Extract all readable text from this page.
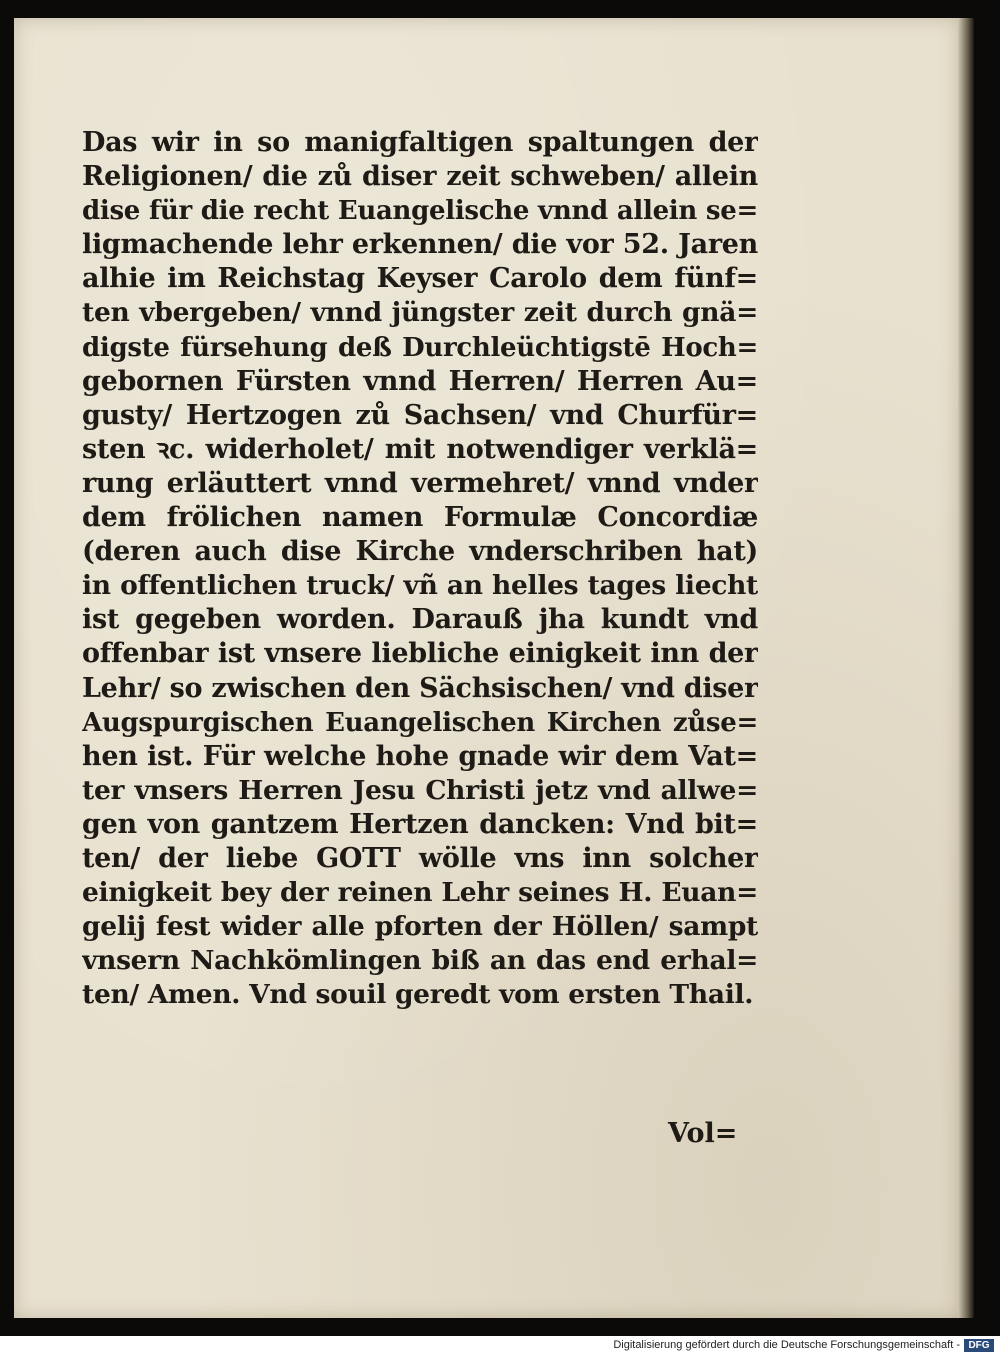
Das wir in so manigfaltigen spaltungen der
Religionen/ die zů diser zeit schweben/ allein
dise für die recht Euangelische vnnd allein se=
ligmachende lehr erkennen/ die vor 52. Jaren
alhie im Reichstag Keyser Carolo dem fünf=
ten vbergeben/ vnnd jüngster zeit durch gnä=
digste fürsehung deß Durchleüchtigstē Hoch=
gebornen Fürsten vnnd Herren/ Herren Au=
gusty/ Hertzogen zů Sachsen/ vnd Churfür=
sten ꝛc. widerholet/ mit notwendiger verklä=
rung erläuttert vnnd vermehret/ vnnd vnder
dem frölichen namen Formulæ Concordiæ
(deren auch dise Kirche vnderschriben hat)
in offentlichen truck/ vñ an helles tages liecht
ist gegeben worden. Darauß jha kundt vnd
offenbar ist vnsere liebliche einigkeit inn der
Lehr/ so zwischen den Sächsischen/ vnd diser
Augspurgischen Euangelischen Kirchen zůse=
hen ist. Für welche hohe gnade wir dem Vat=
ter vnsers Herren Jesu Christi jetz vnd allwe=
gen von gantzem Hertzen dancken: Vnd bit=
ten/ der liebe GOTT wölle vns inn solcher
einigkeit bey der reinen Lehr seines H. Euan=
gelij fest wider alle pforten der Höllen/ sampt
vnsern Nachkömlingen biß an das end erhal=
ten/ Amen. Vnd souil geredt vom ersten Thail.
Vol=
Digitalisierung gefördert durch die Deutsche Forschungsgemeinschaft - DFG
